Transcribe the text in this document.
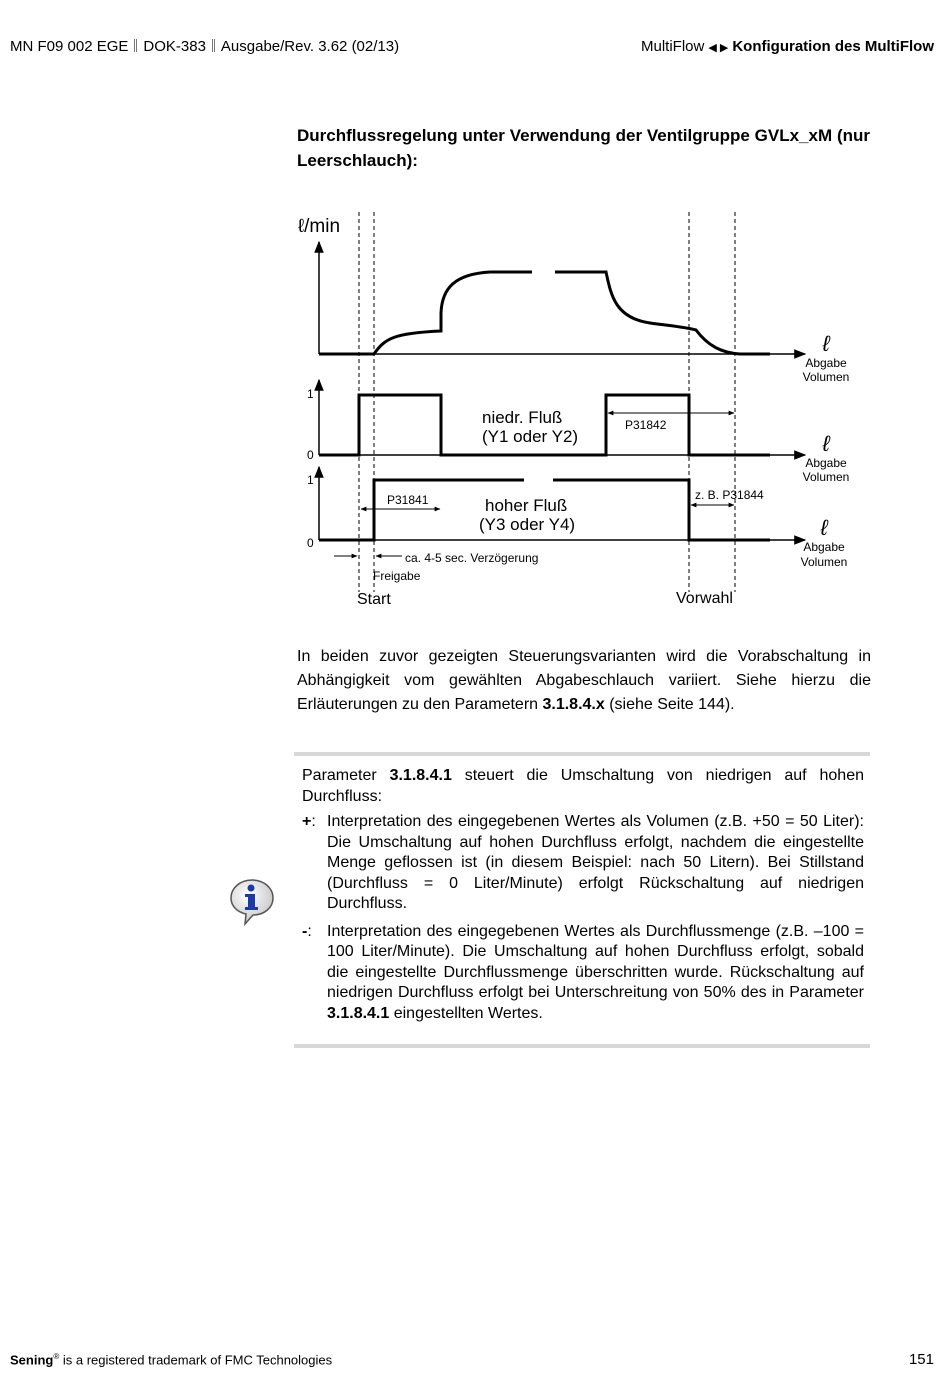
MN F09 002 EGE DOK-383 Ausgabe/Rev. 3.62 (02/13)	MultiFlow ◀ ▶ Konfiguration des MultiFlow
Durchflussregelung unter Verwendung der Ventilgruppe GVLx_xM (nur Leerschlauch):
ℓ/min
ℓ
Abgabe
Volumen
ℓ
Abgabe
Volumen
ℓ
Abgabe
Volumen
1
0
1
0
niedr. Fluß
(Y1 oder Y2)
hoher Fluß
(Y3 oder Y4)
P31841
P31842
z. B. P31844
ca. 4-5 sec. Verzögerung
Freigabe
Start	Vorwahl
In beiden zuvor gezeigten Steuerungsvarianten wird die Vorabschaltung in Abhängigkeit vom gewählten Abgabeschlauch variiert. Siehe hierzu die Erläuterungen zu den Parametern 3.1.8.4.x (siehe Seite 144).

Parameter 3.1.8.4.1 steuert die Umschaltung von niedrigen auf hohen Durchfluss:

+: Interpretation des eingegebenen Wertes als Volumen (z.B. +50 = 50 Liter): Die Umschaltung auf hohen Durchfluss erfolgt, nachdem die eingestellte Menge geflossen ist (in diesem Beispiel: nach 50 Litern). Bei Stillstand (Durchfluss = 0 Liter/Minute) erfolgt Rückschaltung auf niedrigen Durchfluss.
-: Interpretation des eingegebenen Wertes als Durchflussmenge (z.B. –100 = 100 Liter/Minute). Die Umschaltung auf hohen Durchfluss erfolgt, sobald die eingestellte Durchflussmenge überschritten wurde. Rückschaltung auf niedrigen Durchfluss erfolgt bei Unterschreitung von 50% des in Parameter 3.1.8.4.1 eingestellten Wertes.
Sening® is a registered trademark of FMC Technologies	151
